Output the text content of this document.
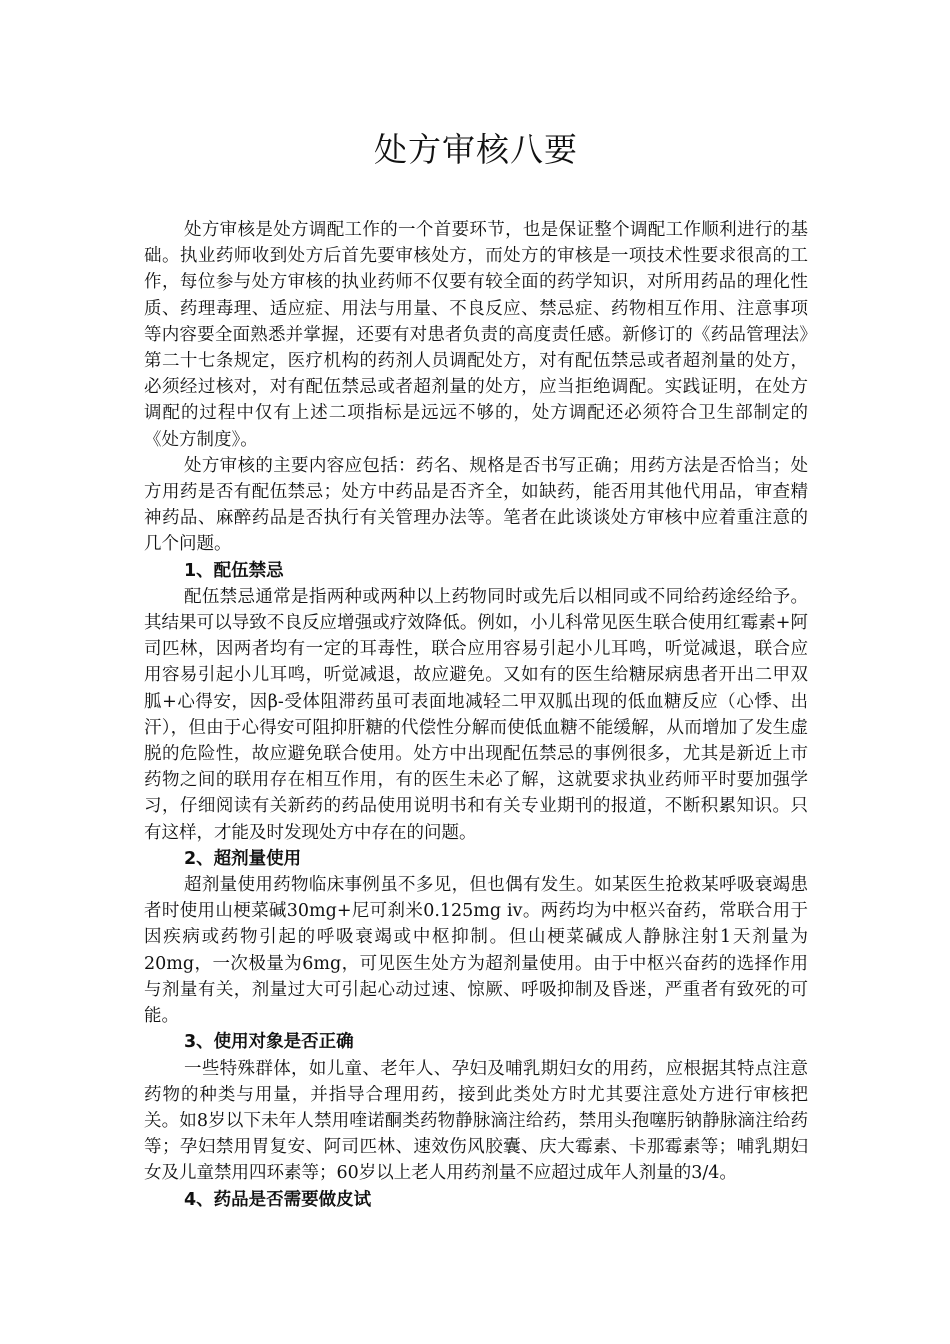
处方审核八要

处方审核是处方调配工作的一个首要环节，也是保证整个调配工作顺利进行的基础。执业药师收到处方后首先要审核处方，而处方的审核是一项技术性要求很高的工作，每位参与处方审核的执业药师不仅要有较全面的药学知识，对所用药品的理化性质、药理毒理、适应症、用法与用量、不良反应、禁忌症、药物相互作用、注意事项等内容要全面熟悉并掌握，还要有对患者负责的高度责任感。新修订的《药品管理法》第二十七条规定，医疗机构的药剂人员调配处方，对有配伍禁忌或者超剂量的处方，必须经过核对，对有配伍禁忌或者超剂量的处方，应当拒绝调配。实践证明，在处方调配的过程中仅有上述二项指标是远远不够的，处方调配还必须符合卫生部制定的《处方制度》。

处方审核的主要内容应包括：药名、规格是否书写正确；用药方法是否恰当；处方用药是否有配伍禁忌；处方中药品是否齐全，如缺药，能否用其他代用品，审查精神药品、麻醉药品是否执行有关管理办法等。笔者在此谈谈处方审核中应着重注意的几个问题。

1、配伍禁忌

配伍禁忌通常是指两种或两种以上药物同时或先后以相同或不同给药途经给予。其结果可以导致不良反应增强或疗效降低。例如，小儿科常见医生联合使用红霉素+阿司匹林，因两者均有一定的耳毒性，联合应用容易引起小儿耳鸣，听觉减退，联合应用容易引起小儿耳鸣，听觉减退，故应避免。又如有的医生给糖尿病患者开出二甲双胍+心得安，因β-受体阻滞药虽可表面地减轻二甲双胍出现的低血糖反应（心悸、出汗），但由于心得安可阻抑肝糖的代偿性分解而使低血糖不能缓解，从而增加了发生虚脱的危险性，故应避免联合使用。处方中出现配伍禁忌的事例很多，尤其是新近上市药物之间的联用存在相互作用，有的医生未必了解，这就要求执业药师平时要加强学习，仔细阅读有关新药的药品使用说明书和有关专业期刊的报道，不断积累知识。只有这样，才能及时发现处方中存在的问题。

2、超剂量使用

超剂量使用药物临床事例虽不多见，但也偶有发生。如某医生抢救某呼吸衰竭患者时使用山梗菜碱30mg+尼可刹米0.125mg iv。两药均为中枢兴奋药，常联合用于因疾病或药物引起的呼吸衰竭或中枢抑制。但山梗菜碱成人静脉注射1天剂量为20mg，一次极量为6mg，可见医生处方为超剂量使用。由于中枢兴奋药的选择作用与剂量有关，剂量过大可引起心动过速、惊厥、呼吸抑制及昏迷，严重者有致死的可能。

3、使用对象是否正确

一些特殊群体，如儿童、老年人、孕妇及哺乳期妇女的用药，应根据其特点注意药物的种类与用量，并指导合理用药，接到此类处方时尤其要注意处方进行审核把关。如8岁以下未年人禁用喹诺酮类药物静脉滴注给药，禁用头孢噻肟钠静脉滴注给药等；孕妇禁用胃复安、阿司匹林、速效伤风胶囊、庆大霉素、卡那霉素等；哺乳期妇女及儿童禁用四环素等；60岁以上老人用药剂量不应超过成年人剂量的3/4。

4、药品是否需要做皮试
